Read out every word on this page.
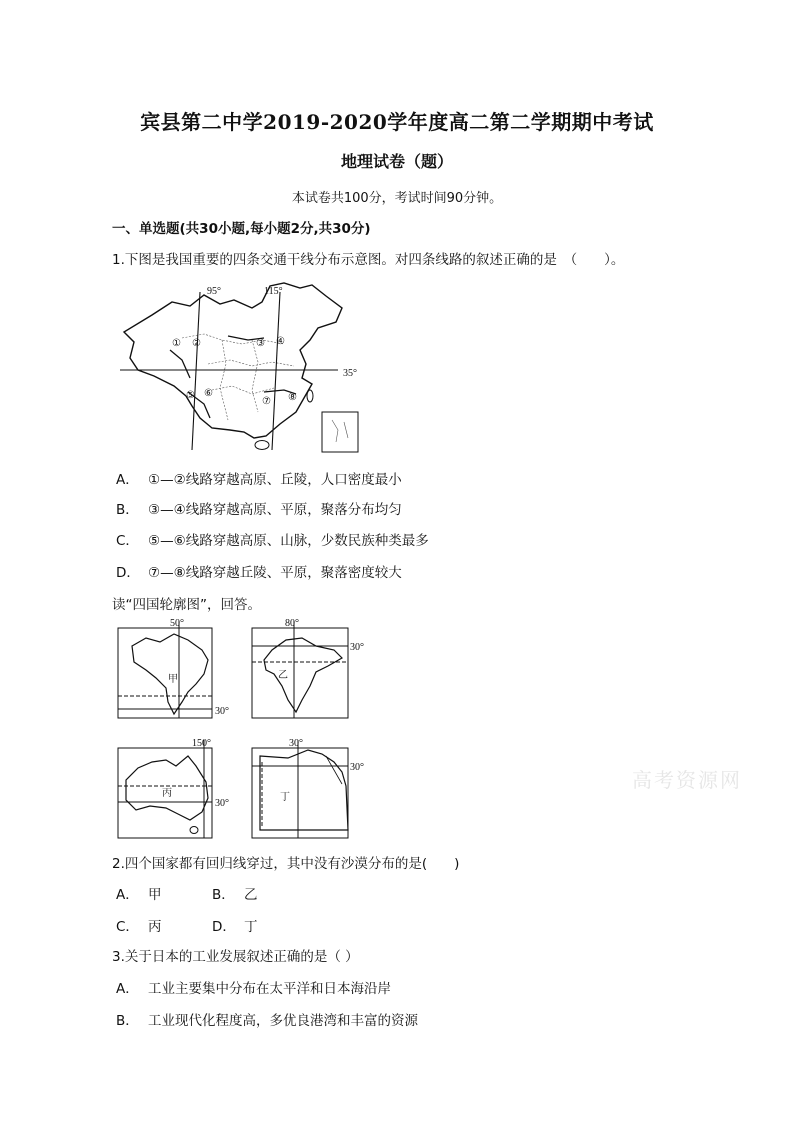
宾县第二中学2019-2020学年度高二第二学期期中考试
地理试卷（题）
本试卷共100分，考试时间90分钟。
一、单选题(共30小题,每小题2分,共30分)
1.下图是我国重要的四条交通干线分布示意图。对四条线路的叙述正确的是　（　　）。
95°	115°
35°
① ②	③ ④
⑤ ⑥
⑦ ⑧
A． ①—②线路穿越高原、丘陵，人口密度最小
B． ③—④线路穿越高原、平原，聚落分布均匀
C． ⑤—⑥线路穿越高原、山脉，少数民族种类最多
D． ⑦—⑧线路穿越丘陵、平原，聚落密度较大
读“四国轮廓图”，回答。
50°
30°
甲
80°
30°
乙
150°
30°
丙
30°
30°
丁
高考资源网
2.四个国家都有回归线穿过，其中没有沙漠分布的是(　　)
A． 甲	B． 乙
C． 丙	D． 丁
3.关于日本的工业发展叙述正确的是（ ）
A． 工业主要集中分布在太平洋和日本海沿岸
B． 工业现代化程度高，多优良港湾和丰富的资源
